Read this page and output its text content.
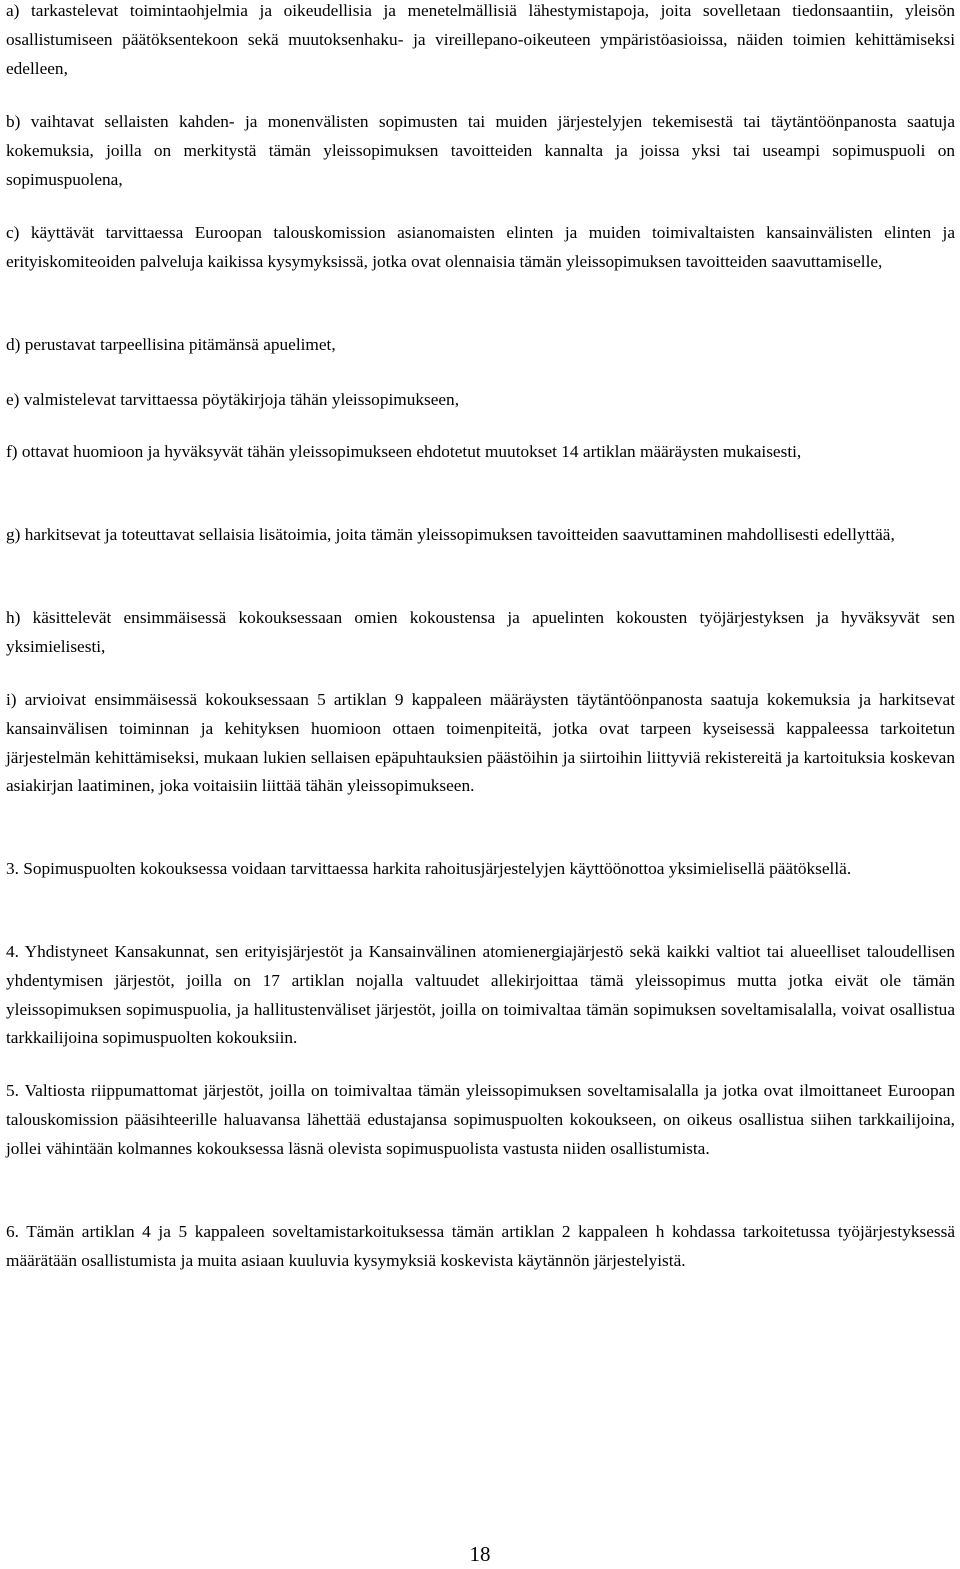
a) tarkastelevat toimintaohjelmia ja oikeudellisia ja menetelmällisiä lähestymistapoja, joita sovelletaan tiedonsaantiin, yleisön osallistumiseen päätöksentekoon sekä muutoksenhaku- ja vireillepano-oikeuteen ympäristöasioissa, näiden toimien kehittämiseksi edelleen,

b) vaihtavat sellaisten kahden- ja monenvälisten sopimusten tai muiden järjestelyjen tekemisestä tai täytäntöönpanosta saatuja kokemuksia, joilla on merkitystä tämän yleissopimuksen tavoitteiden kannalta ja joissa yksi tai useampi sopimuspuoli on sopimuspuolena,

c) käyttävät tarvittaessa Euroopan talouskomission asianomaisten elinten ja muiden toimivaltaisten kansainvälisten elinten ja erityiskomiteoiden palveluja kaikissa kysymyksissä, jotka ovat olennaisia tämän yleissopimuksen tavoitteiden saavuttamiselle,

d) perustavat tarpeellisina pitämänsä apuelimet,

e) valmistelevat tarvittaessa pöytäkirjoja tähän yleissopimukseen,

f) ottavat huomioon ja hyväksyvät tähän yleissopimukseen ehdotetut muutokset 14 artiklan määräysten mukaisesti,

g) harkitsevat ja toteuttavat sellaisia lisätoimia, joita tämän yleissopimuksen tavoitteiden saavuttaminen mahdollisesti edellyttää,

h) käsittelevät ensimmäisessä kokouksessaan omien kokoustensa ja apuelinten kokousten työjärjestyksen ja hyväksyvät sen yksimielisesti,

i) arvioivat ensimmäisessä kokouksessaan 5 artiklan 9 kappaleen määräysten täytäntöönpanosta saatuja kokemuksia ja harkitsevat kansainvälisen toiminnan ja kehityksen huomioon ottaen toimenpiteitä, jotka ovat tarpeen kyseisessä kappaleessa tarkoitetun järjestelmän kehittämiseksi, mukaan lukien sellaisen epäpuhtauksien päästöihin ja siirtoihin liittyviä rekistereitä ja kartoituksia koskevan asiakirjan laatiminen, joka voitaisiin liittää tähän yleissopimukseen.

3. Sopimuspuolten kokouksessa voidaan tarvittaessa harkita rahoitusjärjestelyjen käyttöönottoa yksimielisellä päätöksellä.

4. Yhdistyneet Kansakunnat, sen erityisjärjestöt ja Kansainvälinen atomienergiajärjestö sekä kaikki valtiot tai alueelliset taloudellisen yhdentymisen järjestöt, joilla on 17 artiklan nojalla valtuudet allekirjoittaa tämä yleissopimus mutta jotka eivät ole tämän yleissopimuksen sopimuspuolia, ja hallitustenväliset järjestöt, joilla on toimivaltaa tämän sopimuksen soveltamisalalla, voivat osallistua tarkkailijoina sopimuspuolten kokouksiin.

5. Valtiosta riippumattomat järjestöt, joilla on toimivaltaa tämän yleissopimuksen soveltamisalalla ja jotka ovat ilmoittaneet Euroopan talouskomission pääsihteerille haluavansa lähettää edustajansa sopimuspuolten kokoukseen, on oikeus osallistua siihen tarkkailijoina, jollei vähintään kolmannes kokouksessa läsnä olevista sopimuspuolista vastusta niiden osallistumista.

6. Tämän artiklan 4 ja 5 kappaleen soveltamistarkoituksessa tämän artiklan 2 kappaleen h kohdassa tarkoitetussa työjärjestyksessä määrätään osallistumista ja muita asiaan kuuluvia kysymyksiä koskevista käytännön järjestelyistä.

18
